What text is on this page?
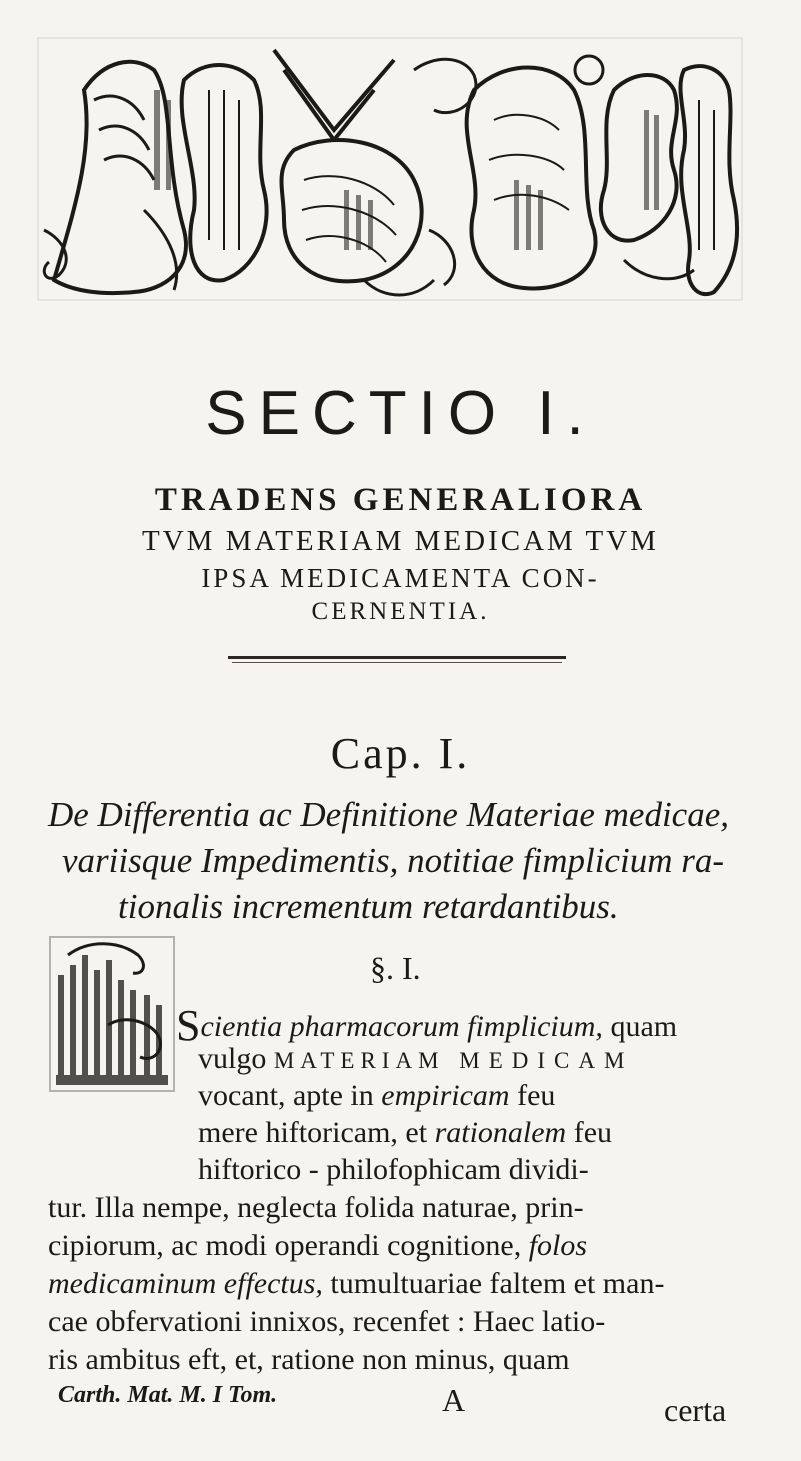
SECTIO I.
TRADENS GENERALIORA
TVM MATERIAM MEDICAM TVM
IPSA MEDICAMENTA CON-
CERNENTIA.
Cap. I.
De Differentia ac Definitione Materiae medicae,
variisque Impedimentis, notitiae fimplicium ra-
tionalis incrementum retardantibus.
§. I.
Scientia pharmacorum fimplicium, quam
vulgo MATERIAM MEDICAM
vocant, apte in empiricam feu
mere hiftoricam, et rationalem feu
hiftorico - philofophicam dividi-
tur. Illa nempe, neglecta folida naturae, prin-
cipiorum, ac modi operandi cognitione, folos
medicaminum effectus, tumultuariae faltem et man-
cae obfervationi innixos, recenfet : Haec latio-
ris ambitus eft, et, ratione non minus, quam
Carth. Mat. M. I Tom.	A	certa
